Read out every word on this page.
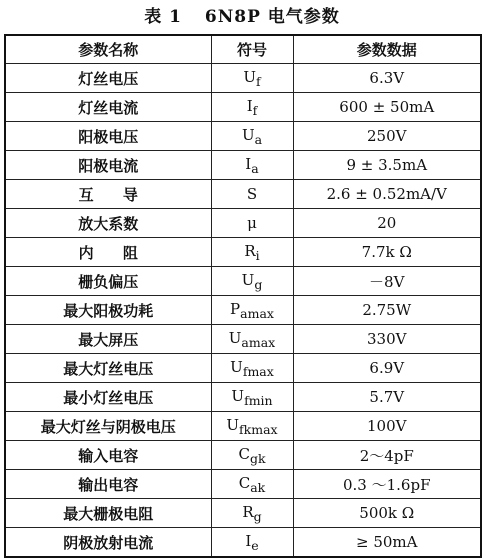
表 1 6N8P 电气参数
参数名称	符号	参数数据
灯丝电压	$U_f$	6.3V
灯丝电流	$I_f$	600 ± 50mA
阳极电压	$U_a$	250V
阳极电流	$I_a$	9 ± 3.5mA
互 导	S	2.6 ± 0.52mA/V
放大系数	μ	20
内 阻	$R_i$	7.7k Ω
栅负偏压	$U_g$	－8V
最大阳极功耗	$P_{amax}$	2.75W
最大屏压	$U_{amax}$	330V
最大灯丝电压	$U_{fmax}$	6.9V
最小灯丝电压	$U_{fmin}$	5.7V
最大灯丝与阴极电压	$U_{fkmax}$	100V
输入电容	$C_{gk}$	2～4pF
输出电容	$C_{ak}$	0.3 ～1.6pF
最大栅极电阻	$R_g$	500k Ω
阴极放射电流	$I_e$	≥ 50mA
